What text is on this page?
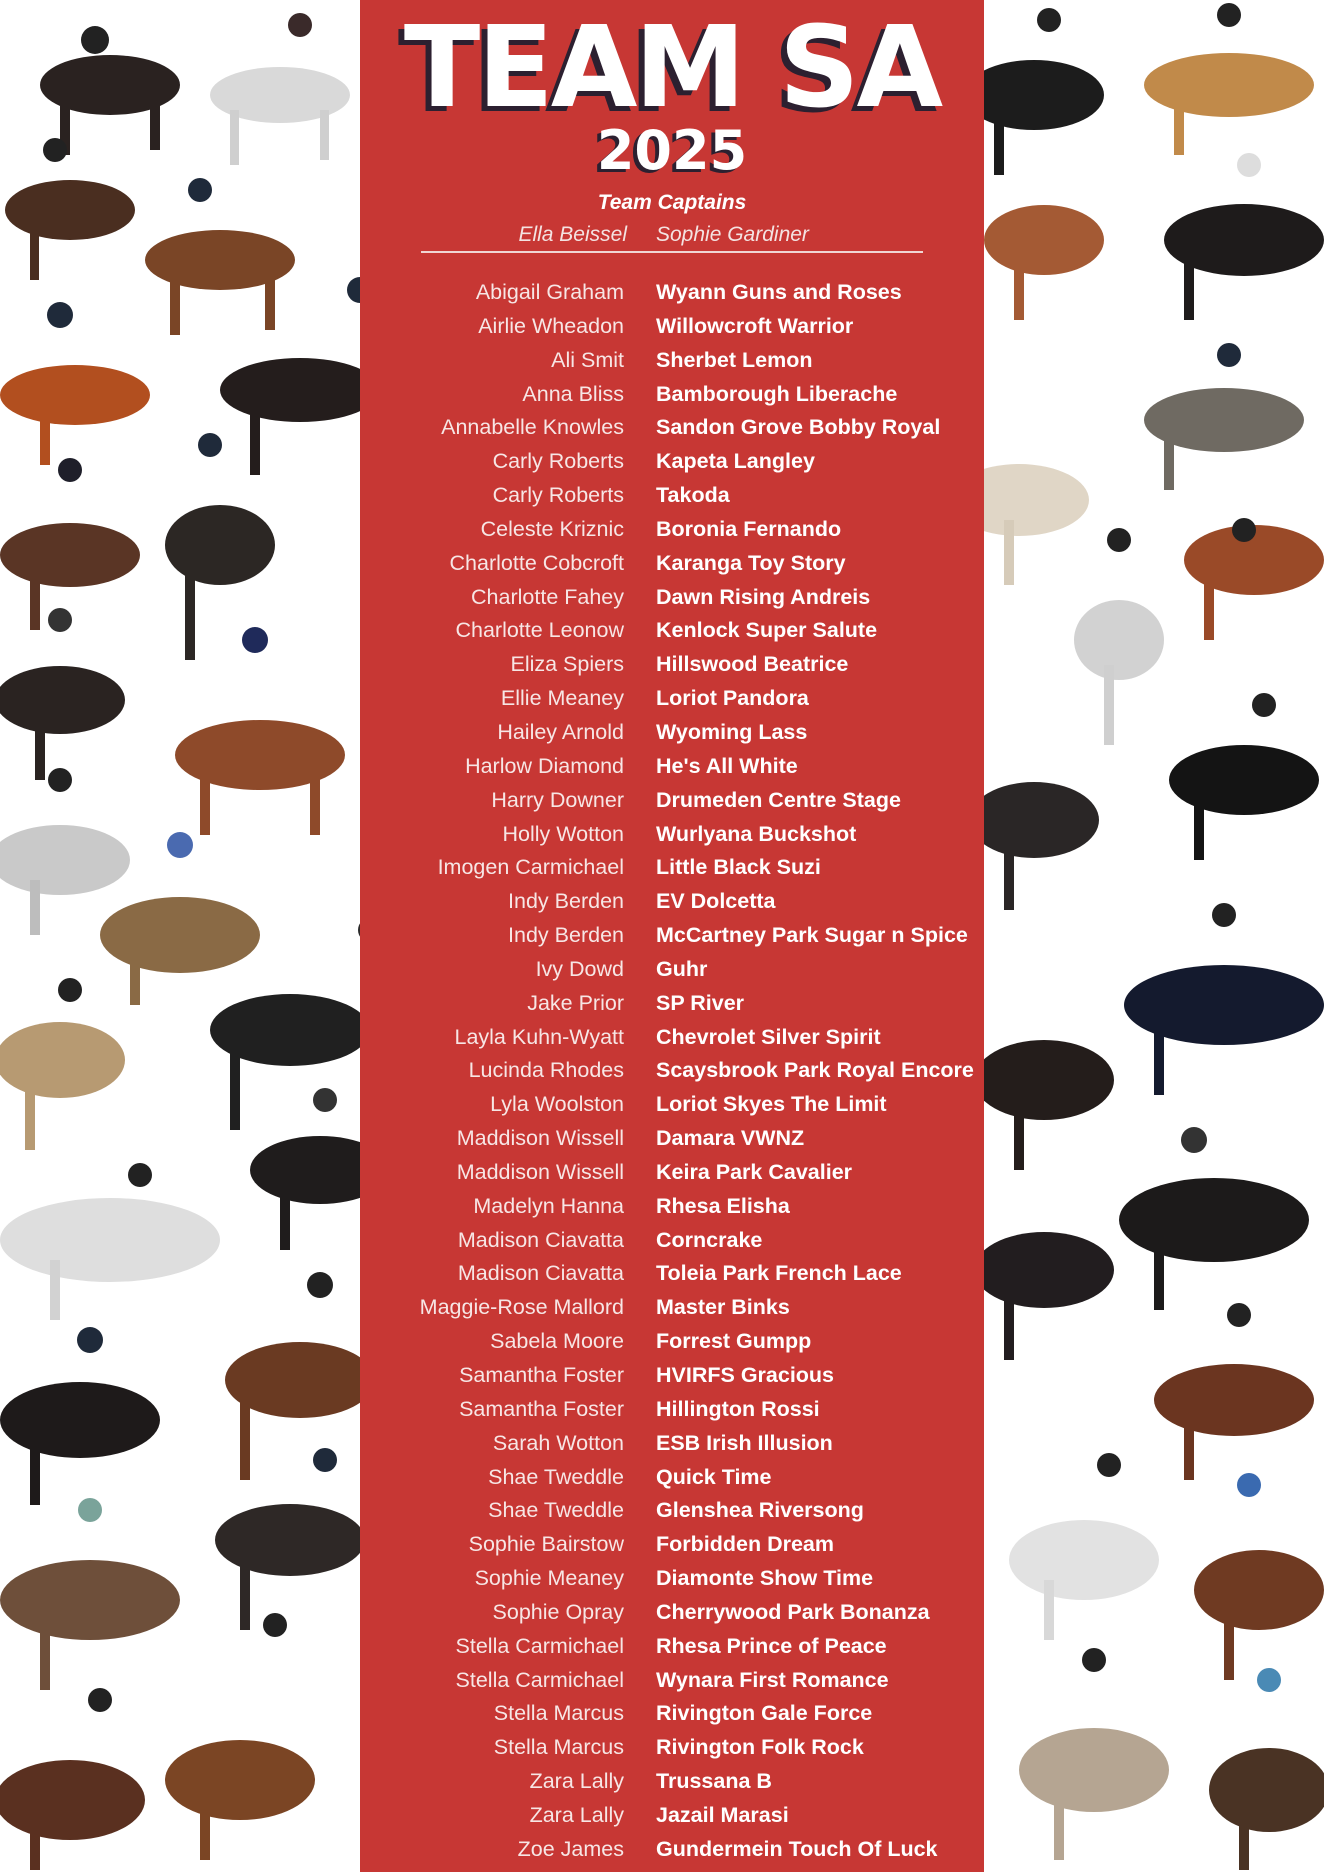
TEAM SA
2025
Team Captains
Ella Beissel Sophie Gardiner
Abigail Graham Wyann Guns and Roses
Airlie Wheadon Willowcroft Warrior
Ali Smit Sherbet Lemon
Anna Bliss Bamborough Liberache
Annabelle Knowles Sandon Grove Bobby Royal
Carly Roberts Kapeta Langley
Carly Roberts Takoda
Celeste Kriznic Boronia Fernando
Charlotte Cobcroft Karanga Toy Story
Charlotte Fahey Dawn Rising Andreis
Charlotte Leonow Kenlock Super Salute
Eliza Spiers Hillswood Beatrice
Ellie Meaney Loriot Pandora
Hailey Arnold Wyoming Lass
Harlow Diamond He's All White
Harry Downer Drumeden Centre Stage
Holly Wotton Wurlyana Buckshot
Imogen Carmichael Little Black Suzi
Indy Berden EV Dolcetta
Indy Berden McCartney Park Sugar n Spice
Ivy Dowd Guhr
Jake Prior SP River
Layla Kuhn-Wyatt Chevrolet Silver Spirit
Lucinda Rhodes Scaysbrook Park Royal Encore
Lyla Woolston Loriot Skyes The Limit
Maddison Wissell Damara VWNZ
Maddison Wissell Keira Park Cavalier
Madelyn Hanna Rhesa Elisha
Madison Ciavatta Corncrake
Madison Ciavatta Toleia Park French Lace
Maggie-Rose Mallord Master Binks
Sabela Moore Forrest Gumpp
Samantha Foster HVIRFS Gracious
Samantha Foster Hillington Rossi
Sarah Wotton ESB Irish Illusion
Shae Tweddle Quick Time
Shae Tweddle Glenshea Riversong
Sophie Bairstow Forbidden Dream
Sophie Meaney Diamonte Show Time
Sophie Opray Cherrywood Park Bonanza
Stella Carmichael Rhesa Prince of Peace
Stella Carmichael Wynara First Romance
Stella Marcus Rivington Gale Force
Stella Marcus Rivington Folk Rock
Zara Lally Trussana B
Zara Lally Jazail Marasi
Zoe James Gundermein Touch Of Luck
